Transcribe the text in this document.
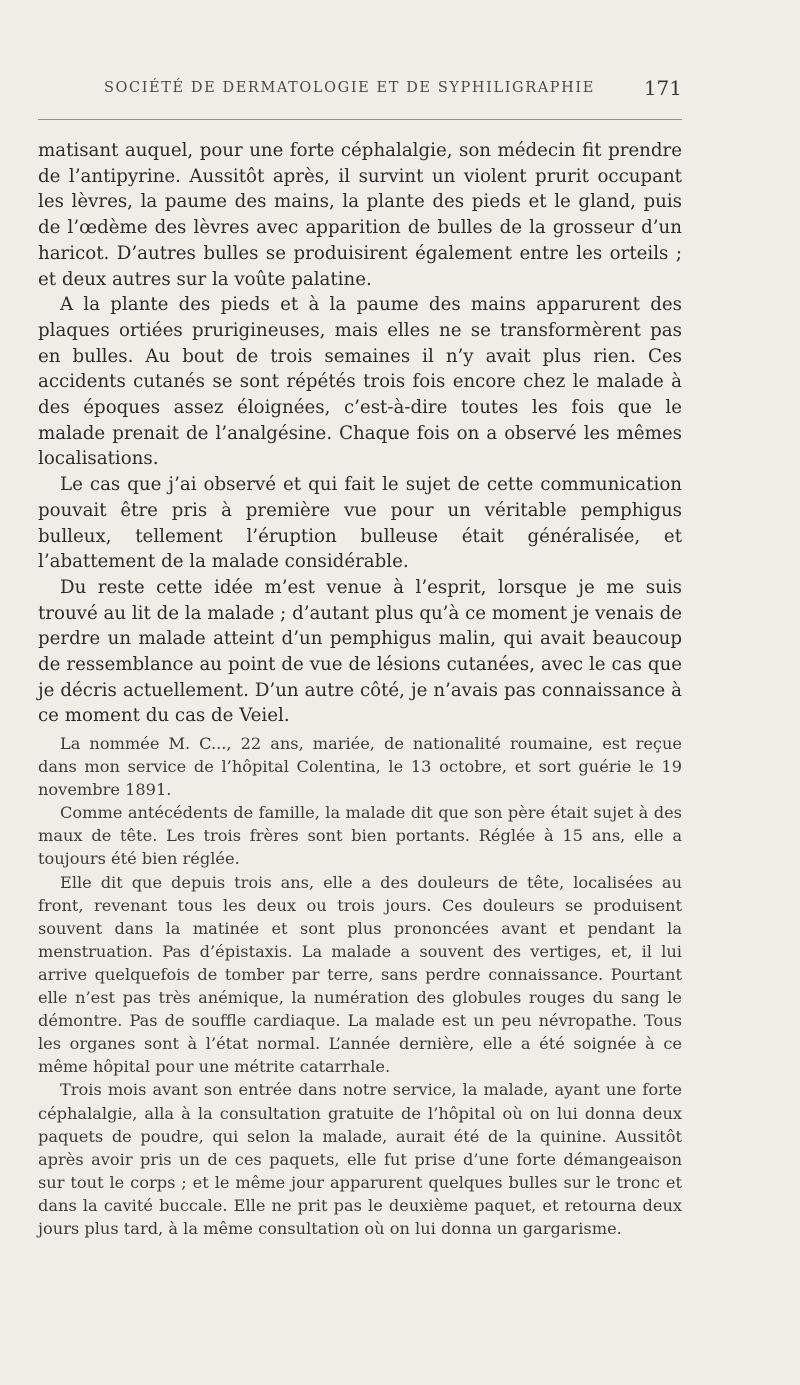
SOCIÉTÉ DE DERMATOLOGIE ET DE SYPHILIGRAPHIE 171

matisant auquel, pour une forte céphalalgie, son médecin fit prendre de l’antipyrine. Aussitôt après, il survint un violent prurit occupant les lèvres, la paume des mains, la plante des pieds et le gland, puis de l’œdème des lèvres avec apparition de bulles de la grosseur d’un haricot. D’autres bulles se produisirent également entre les orteils ; et deux autres sur la voûte palatine.

A la plante des pieds et à la paume des mains apparurent des plaques ortiées prurigineuses, mais elles ne se transformèrent pas en bulles. Au bout de trois semaines il n’y avait plus rien. Ces accidents cutanés se sont répétés trois fois encore chez le malade à des époques assez éloignées, c’est-à-dire toutes les fois que le malade prenait de l’analgésine. Chaque fois on a observé les mêmes localisations.

Le cas que j’ai observé et qui fait le sujet de cette communication pouvait être pris à première vue pour un véritable pemphigus bulleux, tellement l’éruption bulleuse était généralisée, et l’abattement de la malade considérable.

Du reste cette idée m’est venue à l’esprit, lorsque je me suis trouvé au lit de la malade ; d’autant plus qu’à ce moment je venais de perdre un malade atteint d’un pemphigus malin, qui avait beaucoup de ressemblance au point de vue de lésions cutanées, avec le cas que je décris actuellement. D’un autre côté, je n’avais pas connaissance à ce moment du cas de Veiel.

La nommée M. C..., 22 ans, mariée, de nationalité roumaine, est reçue dans mon service de l’hôpital Colentina, le 13 octobre, et sort guérie le 19 novembre 1891.

Comme antécédents de famille, la malade dit que son père était sujet à des maux de tête. Les trois frères sont bien portants. Réglée à 15 ans, elle a toujours été bien réglée.

Elle dit que depuis trois ans, elle a des douleurs de tête, localisées au front, revenant tous les deux ou trois jours. Ces douleurs se produisent souvent dans la matinée et sont plus prononcées avant et pendant la menstruation. Pas d’épistaxis. La malade a souvent des vertiges, et, il lui arrive quelquefois de tomber par terre, sans perdre connaissance. Pourtant elle n’est pas très anémique, la numération des globules rouges du sang le démontre. Pas de souffle cardiaque. La malade est un peu névropathe. Tous les organes sont à l’état normal. L’année dernière, elle a été soignée à ce même hôpital pour une métrite catarrhale.

Trois mois avant son entrée dans notre service, la malade, ayant une forte céphalalgie, alla à la consultation gratuite de l’hôpital où on lui donna deux paquets de poudre, qui selon la malade, aurait été de la quinine. Aussitôt après avoir pris un de ces paquets, elle fut prise d’une forte démangeaison sur tout le corps ; et le même jour apparurent quelques bulles sur le tronc et dans la cavité buccale. Elle ne prit pas le deuxième paquet, et retourna deux jours plus tard, à la même consultation où on lui donna un gargarisme.
